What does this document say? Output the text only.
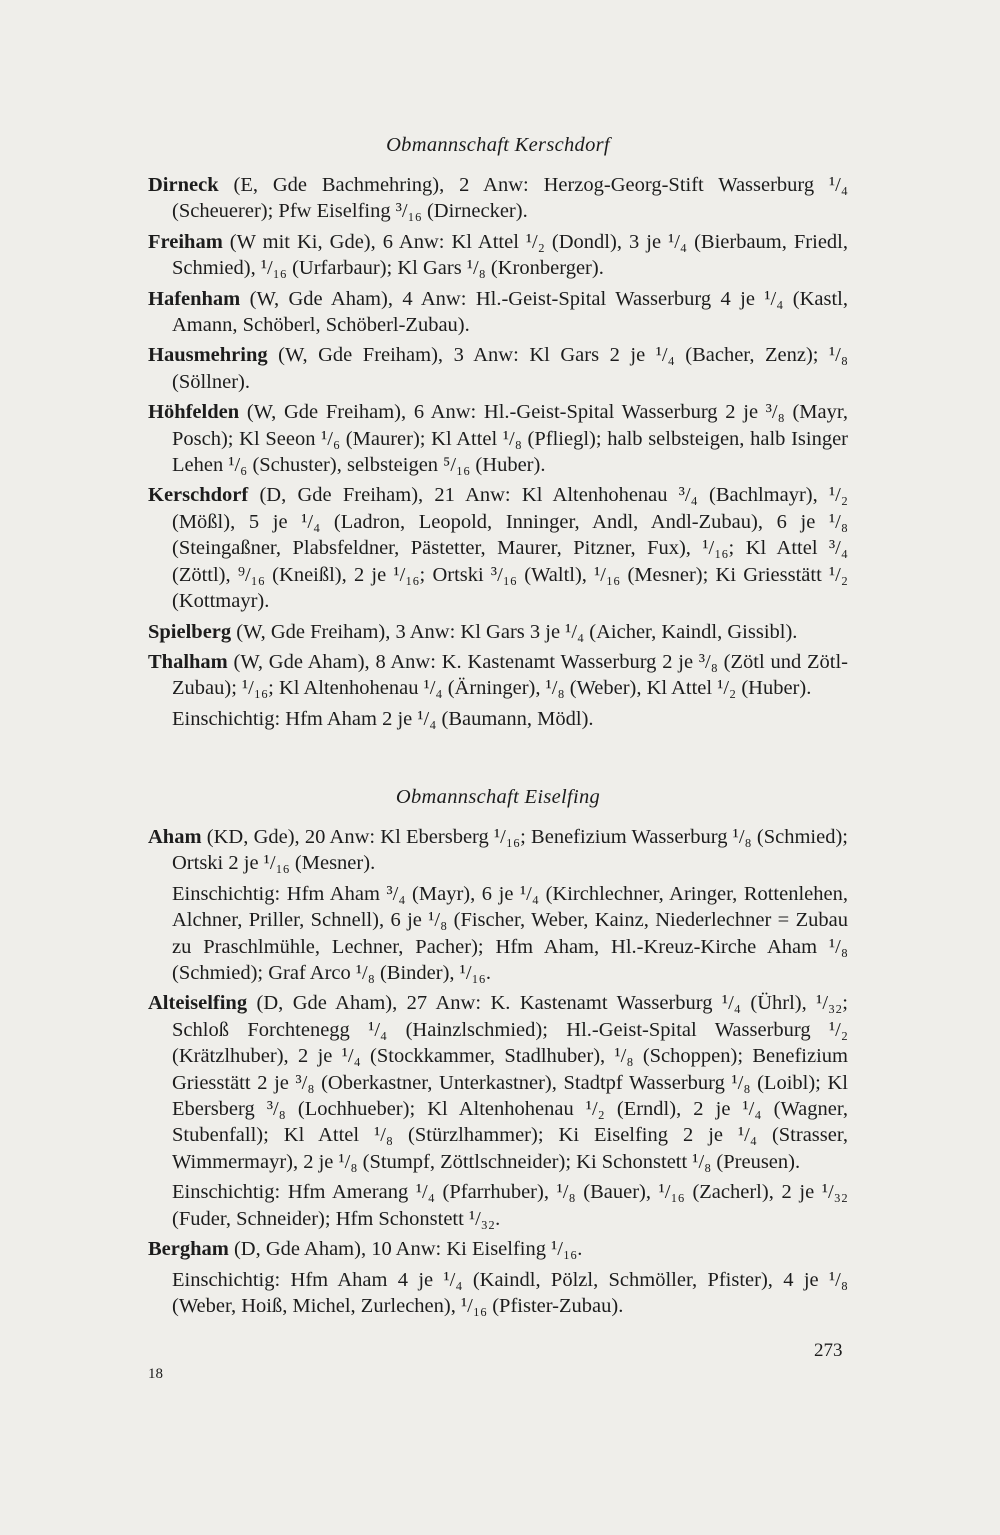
Obmannschaft Kerschdorf

Dirneck (E, Gde Bachmehring), 2 Anw: Herzog-Georg-Stift Wasserburg ¹/₄ (Scheuerer); Pfw Eiselfing ³/₁₆ (Dirnecker).

Freiham (W mit Ki, Gde), 6 Anw: Kl Attel ¹/₂ (Dondl), 3 je ¹/₄ (Bierbaum, Friedl, Schmied), ¹/₁₆ (Urfarbaur); Kl Gars ¹/₈ (Kronberger).

Hafenham (W, Gde Aham), 4 Anw: Hl.-Geist-Spital Wasserburg 4 je ¹/₄ (Kastl, Amann, Schöberl, Schöberl-Zubau).

Hausmehring (W, Gde Freiham), 3 Anw: Kl Gars 2 je ¹/₄ (Bacher, Zenz); ¹/₈ (Söllner).

Höhfelden (W, Gde Freiham), 6 Anw: Hl.-Geist-Spital Wasserburg 2 je ³/₈ (Mayr, Posch); Kl Seeon ¹/₆ (Maurer); Kl Attel ¹/₈ (Pfliegl); halb selbsteigen, halb Isinger Lehen ¹/₆ (Schuster), selbsteigen ⁵/₁₆ (Huber).

Kerschdorf (D, Gde Freiham), 21 Anw: Kl Altenhohenau ³/₄ (Bachlmayr), ¹/₂ (Mößl), 5 je ¹/₄ (Ladron, Leopold, Inninger, Andl, Andl-Zubau), 6 je ¹/₈ (Steingaßner, Plabsfeldner, Pästetter, Maurer, Pitzner, Fux), ¹/₁₆; Kl Attel ³/₄ (Zöttl), ⁹/₁₆ (Kneißl), 2 je ¹/₁₆; Ortski ³/₁₆ (Waltl), ¹/₁₆ (Mesner); Ki Griesstätt ¹/₂ (Kottmayr).

Spielberg (W, Gde Freiham), 3 Anw: Kl Gars 3 je ¹/₄ (Aicher, Kaindl, Gissibl).

Thalham (W, Gde Aham), 8 Anw: K. Kastenamt Wasserburg 2 je ³/₈ (Zötl und Zötl-Zubau); ¹/₁₆; Kl Altenhohenau ¹/₄ (Ärninger), ¹/₈ (Weber), Kl Attel ¹/₂ (Huber).

Einschichtig: Hfm Aham 2 je ¹/₄ (Baumann, Mödl).

Obmannschaft Eiselfing

Aham (KD, Gde), 20 Anw: Kl Ebersberg ¹/₁₆; Benefizium Wasserburg ¹/₈ (Schmied); Ortski 2 je ¹/₁₆ (Mesner).

Einschichtig: Hfm Aham ³/₄ (Mayr), 6 je ¹/₄ (Kirchlechner, Aringer, Rottenlehen, Alchner, Priller, Schnell), 6 je ¹/₈ (Fischer, Weber, Kainz, Niederlechner = Zubau zu Praschlmühle, Lechner, Pacher); Hfm Aham, Hl.-Kreuz-Kirche Aham ¹/₈ (Schmied); Graf Arco ¹/₈ (Binder), ¹/₁₆.

Alteiselfing (D, Gde Aham), 27 Anw: K. Kastenamt Wasserburg ¹/₄ (Ührl), ¹/₃₂; Schloß Forchtenegg ¹/₄ (Hainzlschmied); Hl.-Geist-Spital Wasserburg ¹/₂ (Krätzlhuber), 2 je ¹/₄ (Stockkammer, Stadlhuber), ¹/₈ (Schoppen); Benefizium Griesstätt 2 je ³/₈ (Oberkastner, Unterkastner), Stadtpf Wasserburg ¹/₈ (Loibl); Kl Ebersberg ³/₈ (Lochhueber); Kl Altenhohenau ¹/₂ (Erndl), 2 je ¹/₄ (Wagner, Stubenfall); Kl Attel ¹/₈ (Stürzlhammer); Ki Eiselfing 2 je ¹/₄ (Strasser, Wimmermayr), 2 je ¹/₈ (Stumpf, Zöttlschneider); Ki Schonstett ¹/₈ (Preusen).

Einschichtig: Hfm Amerang ¹/₄ (Pfarrhuber), ¹/₈ (Bauer), ¹/₁₆ (Zacherl), 2 je ¹/₃₂ (Fuder, Schneider); Hfm Schonstett ¹/₃₂.

Bergham (D, Gde Aham), 10 Anw: Ki Eiselfing ¹/₁₆.

Einschichtig: Hfm Aham 4 je ¹/₄ (Kaindl, Pölzl, Schmöller, Pfister), 4 je ¹/₈ (Weber, Hoiß, Michel, Zurlechen), ¹/₁₆ (Pfister-Zubau).

273
18
